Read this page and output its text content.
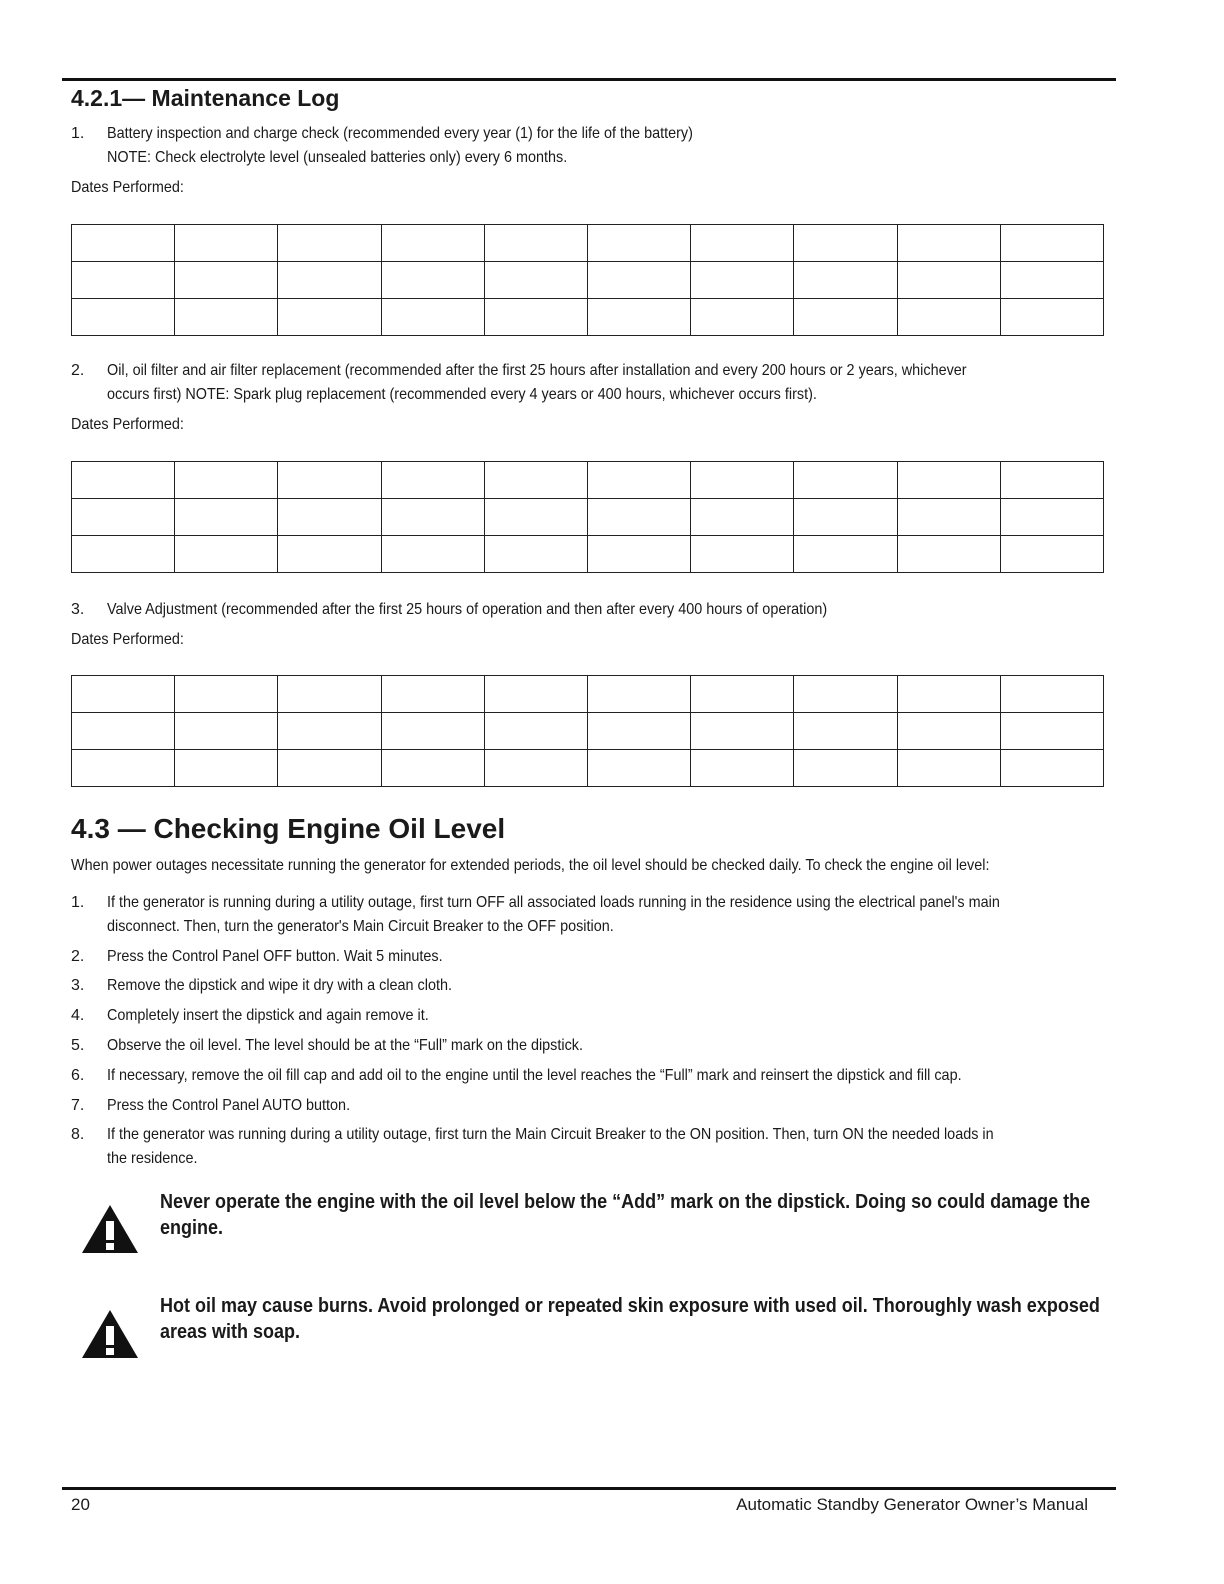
4.2.1— Maintenance Log
1. Battery inspection and charge check (recommended every year (1) for the life of the battery)
NOTE: Check electrolyte level (unsealed batteries only) every 6 months.
Dates Performed:

2. Oil, oil filter and air filter replacement (recommended after the first 25 hours after installation and every 200 hours or 2 years, whichever
occurs first) NOTE: Spark plug replacement (recommended every 4 years or 400 hours, whichever occurs first).
Dates Performed:

3. Valve Adjustment (recommended after the first 25 hours of operation and then after every 400 hours of operation)
Dates Performed:

4.3 — Checking Engine Oil Level
When power outages necessitate running the generator for extended periods, the oil level should be checked daily. To check the engine oil level:
1. If the generator is running during a utility outage, first turn OFF all associated loads running in the residence using the electrical panel's main
disconnect. Then, turn the generator's Main Circuit Breaker to the OFF position.
2. Press the Control Panel OFF button. Wait 5 minutes.
3. Remove the dipstick and wipe it dry with a clean cloth.
4. Completely insert the dipstick and again remove it.
5. Observe the oil level. The level should be at the “Full” mark on the dipstick.
6. If necessary, remove the oil fill cap and add oil to the engine until the level reaches the “Full” mark and reinsert the dipstick and fill cap.
7. Press the Control Panel AUTO button.
8. If the generator was running during a utility outage, first turn the Main Circuit Breaker to the ON position. Then, turn ON the needed loads in
the residence.
Never operate the engine with the oil level below the “Add” mark on the dipstick. Doing so could damage the
engine.
Hot oil may cause burns. Avoid prolonged or repeated skin exposure with used oil. Thoroughly wash exposed
areas with soap.
20	Automatic Standby Generator Owner’s Manual
